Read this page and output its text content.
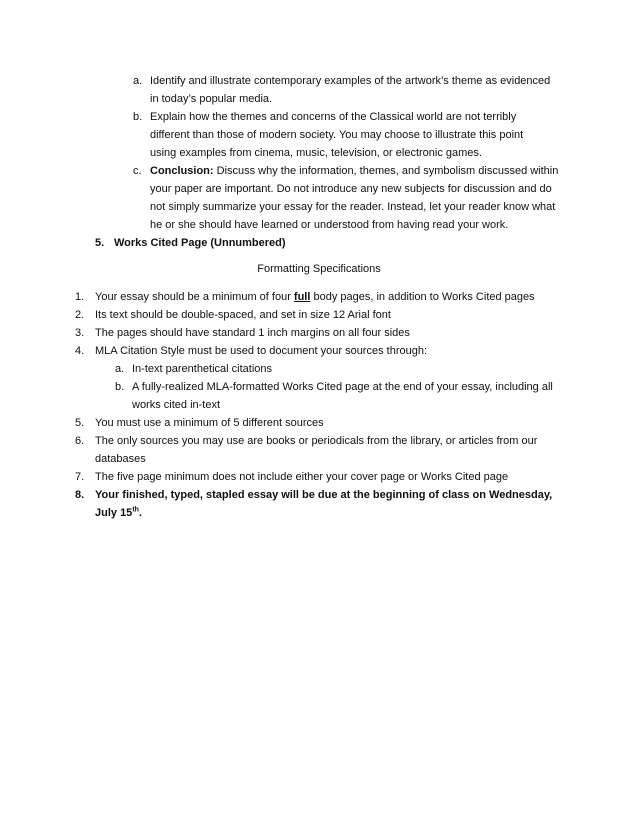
a. Identify and illustrate contemporary examples of the artwork’s theme as evidenced
in today’s popular media.
b. Explain how the themes and concerns of the Classical world are not terribly
different than those of modern society. You may choose to illustrate this point
using examples from cinema, music, television, or electronic games.
c. Conclusion: Discuss why the information, themes, and symbolism discussed within
your paper are important. Do not introduce any new subjects for discussion and do
not simply summarize your essay for the reader. Instead, let your reader know what
he or she should have learned or understood from having read your work.
5. Works Cited Page (Unnumbered)
Formatting Specifications
1. Your essay should be a minimum of four full body pages, in addition to Works Cited pages
2. Its text should be double-spaced, and set in size 12 Arial font
3. The pages should have standard 1 inch margins on all four sides
4. MLA Citation Style must be used to document your sources through:
a. In-text parenthetical citations
b. A fully-realized MLA-formatted Works Cited page at the end of your essay, including all
works cited in-text
5. You must use a minimum of 5 different sources
6. The only sources you may use are books or periodicals from the library, or articles from our
databases
7. The five page minimum does not include either your cover page or Works Cited page
8. Your finished, typed, stapled essay will be due at the beginning of class on Wednesday,
July 15th.
